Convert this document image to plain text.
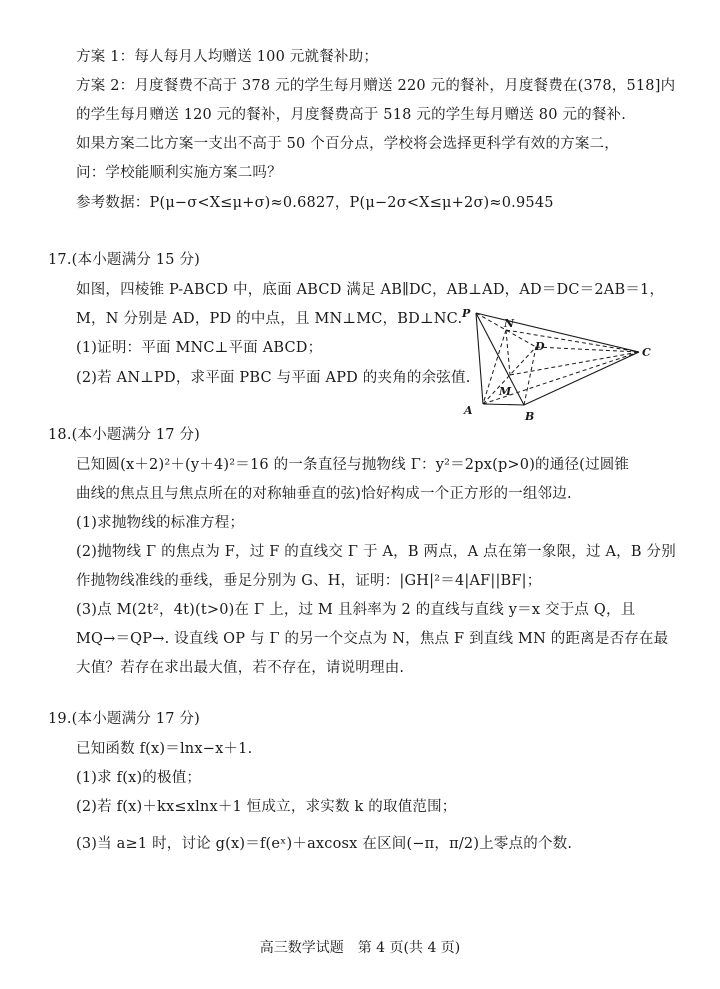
方案 1：每人每月人均赠送 100 元就餐补助；
方案 2：月度餐费不高于 378 元的学生每月赠送 220 元的餐补，月度餐费在(378，518]内
的学生每月赠送 120 元的餐补，月度餐费高于 518 元的学生每月赠送 80 元的餐补.
如果方案二比方案一支出不高于 50 个百分点，学校将会选择更科学有效的方案二，
问：学校能顺利实施方案二吗？
参考数据：P(μ−σ<X≤μ+σ)≈0.6827，P(μ−2σ<X≤μ+2σ)≈0.9545
17.(本小题满分 15 分)
如图，四棱锥 P-ABCD 中，底面 ABCD 满足 AB∥DC，AB⊥AD，AD＝DC＝2AB＝1，
M，N 分别是 AD，PD 的中点，且 MN⊥MC，BD⊥NC.
(1)证明：平面 MNC⊥平面 ABCD；
(2)若 AN⊥PD，求平面 PBC 与平面 APD 的夹角的余弦值.
P
N
D	C
M
A	B
18.(本小题满分 17 分)
已知圆(x＋2)²＋(y＋4)²＝16 的一条直径与抛物线 Γ：y²＝2px(p>0)的通径(过圆锥
曲线的焦点且与焦点所在的对称轴垂直的弦)恰好构成一个正方形的一组邻边.
(1)求抛物线的标准方程；
(2)抛物线 Γ 的焦点为 F，过 F 的直线交 Γ 于 A，B 两点，A 点在第一象限，过 A，B 分别
作抛物线准线的垂线，垂足分别为 G、H，证明：|GH|²＝4|AF||BF|；
(3)点 M(2t²，4t)(t>0)在 Γ 上，过 M 且斜率为 2 的直线与直线 y＝x 交于点 Q，且
MQ→＝QP→. 设直线 OP 与 Γ 的另一个交点为 N，焦点 F 到直线 MN 的距离是否存在最
大值？若存在求出最大值，若不存在，请说明理由.
19.(本小题满分 17 分)
已知函数 f(x)＝lnx−x＋1.
(1)求 f(x)的极值；
(2)若 f(x)＋kx≤xlnx＋1 恒成立，求实数 k 的取值范围；
(3)当 a≥1 时，讨论 g(x)＝f(eˣ)＋axcosx 在区间(−π，π/2)上零点的个数.
高三数学试题　第 4 页(共 4 页)
